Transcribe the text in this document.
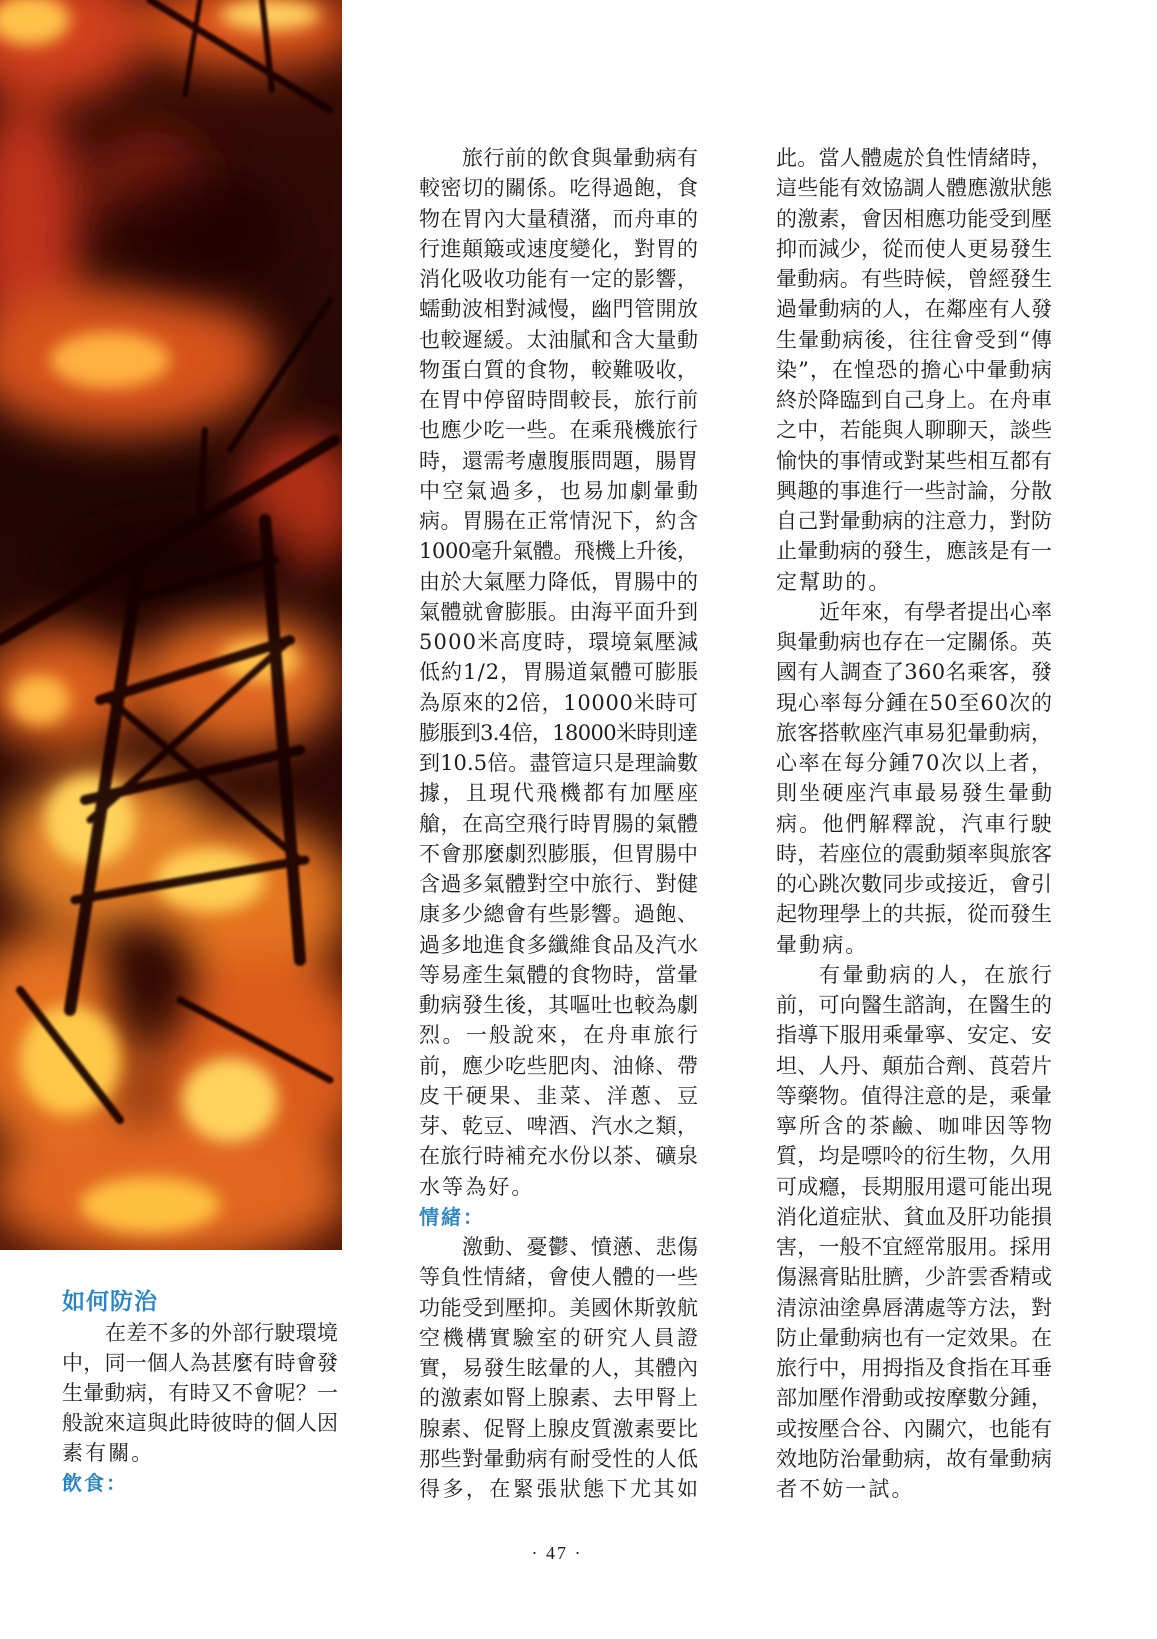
如何防治
在差不多的外部行駛環境
中，同一個人為甚麼有時會發
生暈動病，有時又不會呢？一
般說來這與此時彼時的個人因
素有關。
飲食：
旅行前的飲食與暈動病有
較密切的關係。吃得過飽，食
物在胃內大量積潴，而舟車的
行進顛簸或速度變化，對胃的
消化吸收功能有一定的影響，
蠕動波相對減慢，幽門管開放
也較遲緩。太油膩和含大量動
物蛋白質的食物，較難吸收，
在胃中停留時間較長，旅行前
也應少吃一些。在乘飛機旅行
時，還需考慮腹脹問題，腸胃
中空氣過多，也易加劇暈動
病。胃腸在正常情況下，約含
1000毫升氣體。飛機上升後，
由於大氣壓力降低，胃腸中的
氣體就會膨脹。由海平面升到
5000米高度時，環境氣壓減
低約1/2，胃腸道氣體可膨脹
為原來的2倍，10000米時可
膨脹到3.4倍，18000米時則達
到10.5倍。盡管這只是理論數
據，且現代飛機都有加壓座
艙，在高空飛行時胃腸的氣體
不會那麼劇烈膨脹，但胃腸中
含過多氣體對空中旅行、對健
康多少總會有些影響。過飽、
過多地進食多纖維食品及汽水
等易產生氣體的食物時，當暈
動病發生後，其嘔吐也較為劇
烈。一般說來，在舟車旅行
前，應少吃些肥肉、油條、帶
皮干硬果、韭菜、洋蔥、豆
芽、乾豆、啤酒、汽水之類，
在旅行時補充水份以茶、礦泉
水等為好。
情緒：
激動、憂鬱、憤懣、悲傷
等負性情緒，會使人體的一些
功能受到壓抑。美國休斯敦航
空機構實驗室的研究人員證
實，易發生眩暈的人，其體內
的激素如腎上腺素、去甲腎上
腺素、促腎上腺皮質激素要比
那些對暈動病有耐受性的人低
得多，在緊張狀態下尤其如
此。當人體處於負性情緒時，
這些能有效協調人體應激狀態
的激素，會因相應功能受到壓
抑而減少，從而使人更易發生
暈動病。有些時候，曾經發生
過暈動病的人，在鄰座有人發
生暈動病後，往往會受到“傳
染”，在惶恐的擔心中暈動病
終於降臨到自己身上。在舟車
之中，若能與人聊聊天，談些
愉快的事情或對某些相互都有
興趣的事進行一些討論，分散
自己對暈動病的注意力，對防
止暈動病的發生，應該是有一
定幫助的。
近年來，有學者提出心率
與暈動病也存在一定關係。英
國有人調查了360名乘客，發
現心率每分鍾在50至60次的
旅客搭軟座汽車易犯暈動病，
心率在每分鍾70次以上者，
則坐硬座汽車最易發生暈動
病。他們解釋說，汽車行駛
時，若座位的震動頻率與旅客
的心跳次數同步或接近，會引
起物理學上的共振，從而發生
暈動病。
有暈動病的人，在旅行
前，可向醫生諮詢，在醫生的
指導下服用乘暈寧、安定、安
坦、人丹、顛茄合劑、莨菪片
等藥物。值得注意的是，乘暈
寧所含的茶鹼、咖啡因等物
質，均是嘌呤的衍生物，久用
可成癮，長期服用還可能出現
消化道症狀、貧血及肝功能損
害，一般不宜經常服用。採用
傷濕膏貼肚臍，少許雲香精或
清涼油塗鼻唇溝處等方法，對
防止暈動病也有一定效果。在
旅行中，用拇指及食指在耳垂
部加壓作滑動或按摩數分鍾，
或按壓合谷、內關穴，也能有
效地防治暈動病，故有暈動病
者不妨一試。
· 47 ·
